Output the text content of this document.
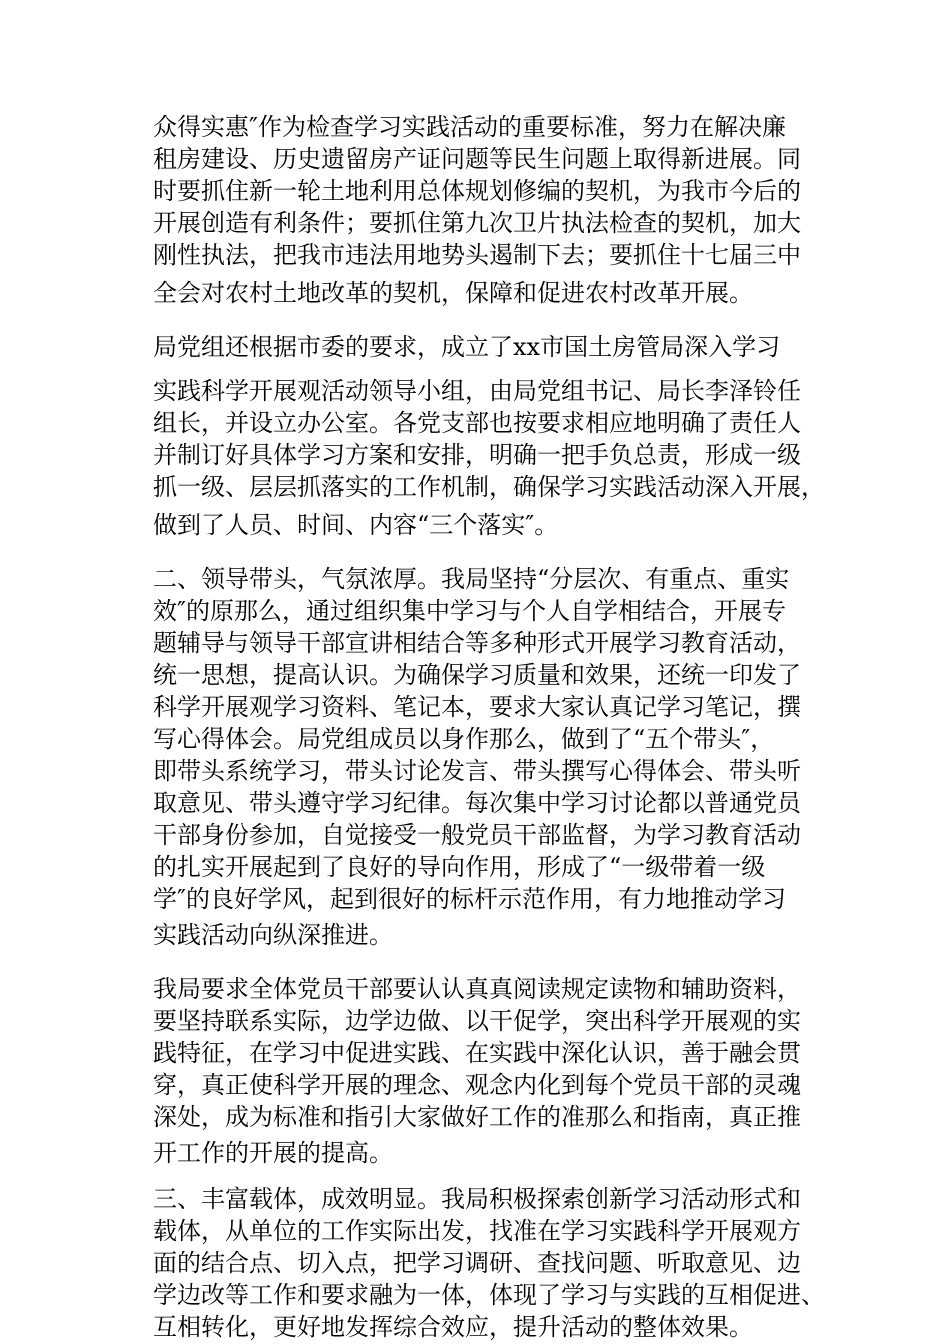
众得实惠″作为检查学习实践活动的重要标准，努力在解决廉
租房建设、历史遗留房产证问题等民生问题上取得新进展。同
时要抓住新一轮土地利用总体规划修编的契机，为我市今后的
开展创造有利条件；要抓住第九次卫片执法检查的契机，加大
刚性执法，把我市违法用地势头遏制下去；要抓住十七届三中
全会对农村土地改革的契机，保障和促进农村改革开展。
局党组还根据市委的要求，成立了xx市国土房管局深入学习
实践科学开展观活动领导小组，由局党组书记、局长李泽铃任
组长，并设立办公室。各党支部也按要求相应地明确了责任人
并制订好具体学习方案和安排，明确一把手负总责，形成一级
抓一级、层层抓落实的工作机制，确保学习实践活动深入开展，
做到了人员、时间、内容“三个落实″。
二、领导带头，气氛浓厚。我局坚持“分层次、有重点、重实
效″的原那么，通过组织集中学习与个人自学相结合，开展专
题辅导与领导干部宣讲相结合等多种形式开展学习教育活动，
统一思想，提高认识。为确保学习质量和效果，还统一印发了
科学开展观学习资料、笔记本，要求大家认真记学习笔记，撰
写心得体会。局党组成员以身作那么，做到了“五个带头″，
即带头系统学习，带头讨论发言、带头撰写心得体会、带头听
取意见、带头遵守学习纪律。每次集中学习讨论都以普通党员
干部身份参加，自觉接受一般党员干部监督，为学习教育活动
的扎实开展起到了良好的导向作用，形成了“一级带着一级
学″的良好学风，起到很好的标杆示范作用，有力地推动学习
实践活动向纵深推进。
我局要求全体党员干部要认认真真阅读规定读物和辅助资料，
要坚持联系实际，边学边做、以干促学，突出科学开展观的实
践特征，在学习中促进实践、在实践中深化认识，善于融会贯
穿，真正使科学开展的理念、观念内化到每个党员干部的灵魂
深处，成为标准和指引大家做好工作的准那么和指南，真正推
开工作的开展的提高。
三、丰富载体，成效明显。我局积极探索创新学习活动形式和
载体，从单位的工作实际出发，找准在学习实践科学开展观方
面的结合点、切入点，把学习调研、查找问题、听取意见、边
学边改等工作和要求融为一体，体现了学习与实践的互相促进、
互相转化，更好地发挥综合效应，提升活动的整体效果。
